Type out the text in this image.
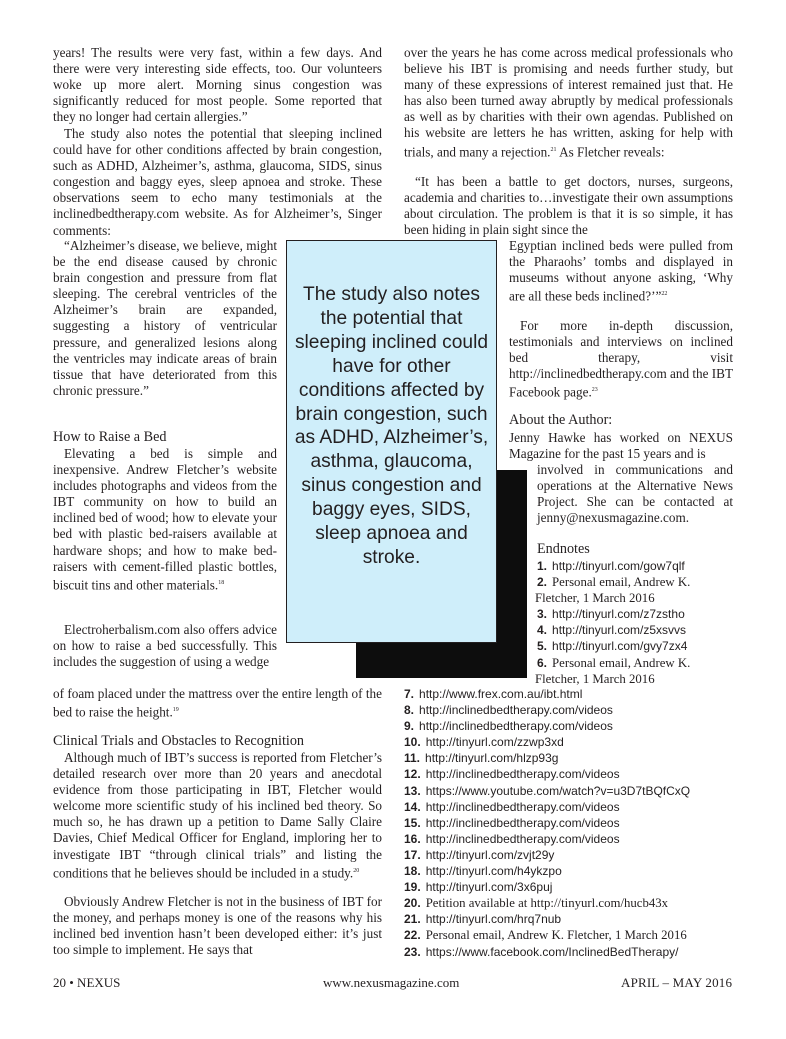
years! The results were very fast, within a few days. And there were very interesting side effects, too. Our volunteers woke up more alert. Morning sinus congestion was significantly reduced for most people. Some reported that they no longer had certain allergies.”

The study also notes the potential that sleeping inclined could have for other conditions affected by brain congestion, such as ADHD, Alzheimer’s, asthma, glaucoma, SIDS, sinus congestion and baggy eyes, sleep apnoea and stroke. These observations seem to echo many testimonials at the inclinedbedtherapy.com website. As for Alzheimer’s, Singer comments:

“Alzheimer’s disease, we believe, might be the end disease caused by chronic brain congestion and pressure from flat sleeping. The cerebral ventricles of the Alzheimer’s brain are expanded, suggesting a history of ventricular pressure, and generalized lesions along the ventricles may indicate areas of brain tissue that have deteriorated from this chronic pressure.”

How to Raise a Bed

Elevating a bed is simple and inexpensive. Andrew Fletcher’s website includes photographs and videos from the IBT community on how to build an inclined bed of wood; how to elevate your bed with plastic bed-raisers available at hardware shops; and how to make bed-raisers with cement-filled plastic bottles, biscuit tins and other materials.$^{18}$

Electroherbalism.com also offers advice on how to raise a bed successfully. This includes the suggestion of using a wedge

of foam placed under the mattress over the entire length of the bed to raise the height.$^{19}$

Clinical Trials and Obstacles to Recognition

Although much of IBT’s success is reported from Fletcher’s detailed research over more than 20 years and anecdotal evidence from those participating in IBT, Fletcher would welcome more scientific study of his inclined bed theory. So much so, he has drawn up a petition to Dame Sally Claire Davies, Chief Medical Officer for England, imploring her to investigate IBT “through clinical trials” and listing the conditions that he believes should be included in a study.$^{20}$

Obviously Andrew Fletcher is not in the business of IBT for the money, and perhaps money is one of the reasons why his inclined bed invention hasn’t been developed either: it’s just too simple to implement. He says that

over the years he has come across medical professionals who believe his IBT is promising and needs further study, but many of these expressions of interest remained just that. He has also been turned away abruptly by medical professionals as well as by charities with their own agendas. Published on his website are letters he has written, asking for help with trials, and many a rejection.$^{21}$ As Fletcher reveals:

“It has been a battle to get doctors, nurses, surgeons, academia and charities to…investigate their own assumptions about circulation. The problem is that it is so simple, it has been hiding in plain sight since the

Egyptian inclined beds were pulled from the Pharaohs’ tombs and displayed in museums without anyone asking, ‘Why are all these beds inclined?’”$^{22}$

For more in-depth discussion, testimonials and interviews on inclined bed therapy, visit http://inclinedbedtherapy.com and the IBT Facebook page.$^{23}$

About the Author:

Jenny Hawke has worked on NEXUS Magazine for the past 15 years and is

involved in communications and operations at the Alternative News Project. She can be contacted at jenny@nexusmagazine.com.

Endnotes
1. http://tinyurl.com/gow7qlf
2. Personal email, Andrew K.
Fletcher, 1 March 2016
3. http://tinyurl.com/z7zstho
4. http://tinyurl.com/z5xsvvs
5. http://tinyurl.com/gvy7zx4
6. Personal email, Andrew K.
Fletcher, 1 March 2016
7. http://www.frex.com.au/ibt.html
8. http://inclinedbedtherapy.com/videos
9. http://inclinedbedtherapy.com/videos
10. http://tinyurl.com/zzwp3xd
11. http://tinyurl.com/hlzp93g
12. http://inclinedbedtherapy.com/videos
13. https://www.youtube.com/watch?v=u3D7tBQfCxQ
14. http://inclinedbedtherapy.com/videos
15. http://inclinedbedtherapy.com/videos
16. http://inclinedbedtherapy.com/videos
17. http://tinyurl.com/zvjt29y
18. http://tinyurl.com/h4ykzpo
19. http://tinyurl.com/3x6puj
20. Petition available at http://tinyurl.com/hucb43x
21. http://tinyurl.com/hrq7nub
22. Personal email, Andrew K. Fletcher, 1 March 2016
23. https://www.facebook.com/InclinedBedTherapy/
The study also notes the potential that sleeping inclined could have for other conditions affected by brain congestion, such as ADHD, Alzheimer’s, asthma, glaucoma, sinus congestion and baggy eyes, SIDS, sleep apnoea and stroke.
20 • NEXUS	www.nexusmagazine.com	APRIL – MAY 2016
